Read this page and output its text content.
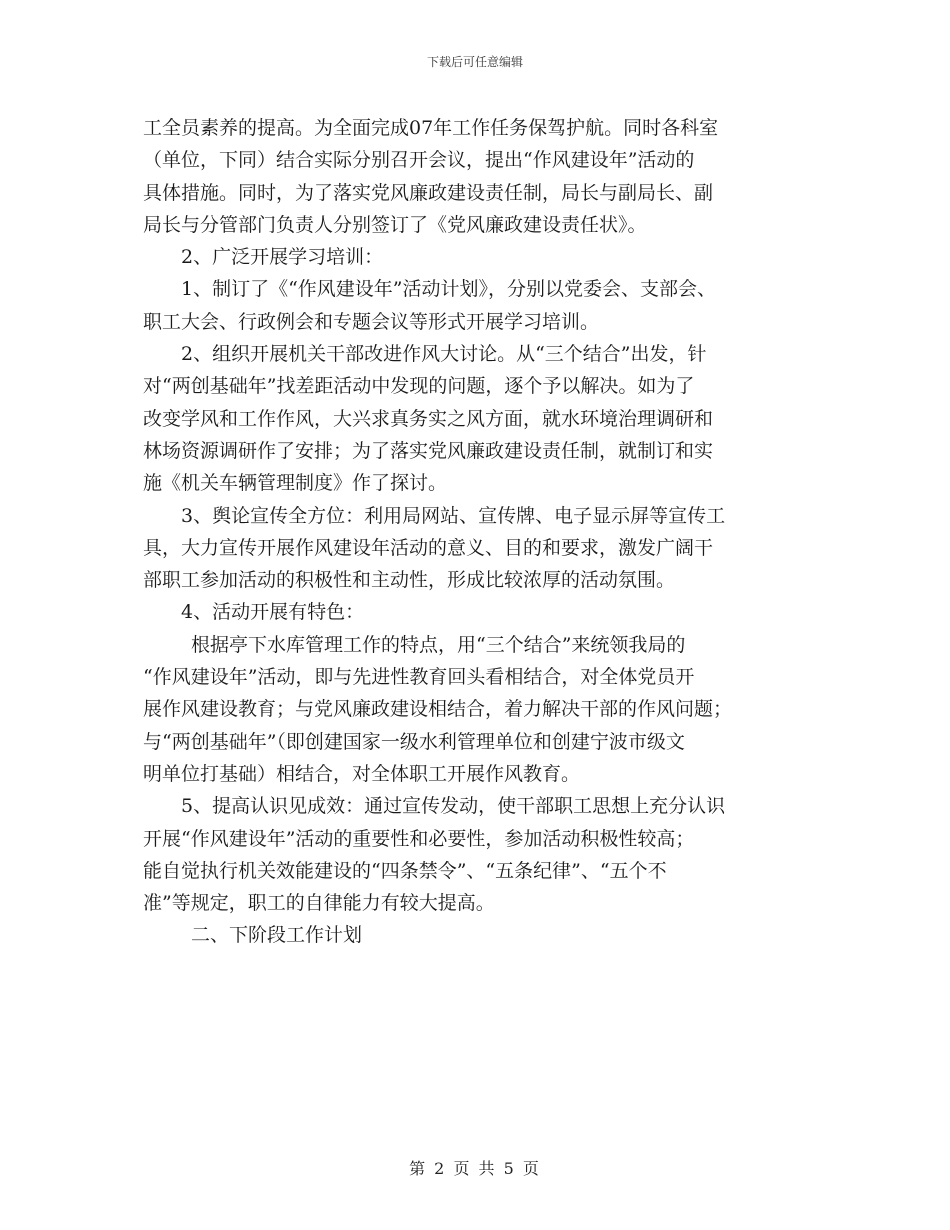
下载后可任意编辑
工全员素养的提高。为全面完成07年工作任务保驾护航。同时各科室
（单位，下同）结合实际分别召开会议，提出“作风建设年”活动的
具体措施。同时，为了落实党风廉政建设责任制，局长与副局长、副
局长与分管部门负责人分别签订了《党风廉政建设责任状》。
2、广泛开展学习培训：
1、制订了《“作风建设年”活动计划》，分别以党委会、支部会、
职工大会、行政例会和专题会议等形式开展学习培训。
2、组织开展机关干部改进作风大讨论。从“三个结合”出发，针
对“两创基础年”找差距活动中发现的问题，逐个予以解决。如为了
改变学风和工作作风，大兴求真务实之风方面，就水环境治理调研和
林场资源调研作了安排；为了落实党风廉政建设责任制，就制订和实
施《机关车辆管理制度》作了探讨。
3、舆论宣传全方位：利用局网站、宣传牌、电子显示屏等宣传工
具，大力宣传开展作风建设年活动的意义、目的和要求，激发广阔干
部职工参加活动的积极性和主动性，形成比较浓厚的活动氛围。
4、活动开展有特色：
根据亭下水库管理工作的特点，用“三个结合”来统领我局的
“作风建设年”活动，即与先进性教育回头看相结合，对全体党员开
展作风建设教育；与党风廉政建设相结合，着力解决干部的作风问题；
与“两创基础年”（即创建国家一级水利管理单位和创建宁波市级文
明单位打基础）相结合，对全体职工开展作风教育。
5、提高认识见成效：通过宣传发动，使干部职工思想上充分认识
开展“作风建设年”活动的重要性和必要性，参加活动积极性较高；
能自觉执行机关效能建设的“四条禁令”、“五条纪律”、“五个不
准”等规定，职工的自律能力有较大提高。
二、下阶段工作计划
第 2 页 共 5 页
